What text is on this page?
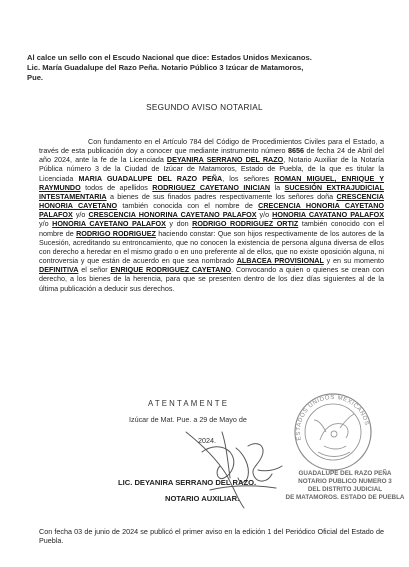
Al calce un sello con el Escudo Nacional que dice: Estados Unidos Mexicanos.
Lic. María Guadalupe del Razo Peña. Notario Público 3 Izúcar de Matamoros,
Pue.
SEGUNDO AVISO NOTARIAL
Con fundamento en el Artículo 784 del Código de Procedimientos Civiles para el Estado, a través de esta publicación doy a conocer que mediante instrumento número 8656 de fecha 24 de Abril del año 2024, ante la fe de la Licenciada DEYANIRA SERRANO DEL RAZO, Notario Auxiliar de la Notaría Pública número 3 de la Ciudad de Izúcar de Matamoros, Estado de Puebla, de la que es titular la Licenciada MARIA GUADALUPE DEL RAZO PEÑA, los señores ROMAN MIGUEL, ENRIQUE Y RAYMUNDO todos de apellidos RODRIGUEZ CAYETANO INICIAN la SUCESIÓN EXTRAJUDICIAL INTESTAMENTARIA a bienes de sus finados padres respectivamente los señores doña CRESCENCIA HONORIA CAYETANO también conocida con el nombre de CRECENCIA HONORIA CAYETANO PALAFOX y/o CRESCENCIA HONORINA CAYETANO PALAFOX y/o HONORIA CAYATANO PALAFOX y/o HONORIA CAYETANO PALAFOX y don RODRIGO RODRIGUEZ ORTIZ también conocido con el nombre de RODRIGO RODRIGUEZ haciendo constar: Que son hijos respectivamente de los autores de la Sucesión, acreditando su entroncamiento, que no conocen la existencia de persona alguna diversa de ellos con derecho a heredar en el mismo grado o en uno preferente al de ellos, que no existe oposición alguna, ni controversia y que están de acuerdo en que sea nombrado ALBACEA PROVISIONAL y en su momento DEFINITIVA el señor ENRIQUE RODRIGUEZ CAYETANO. Convocando a quien o quienes se crean con derecho, a los bienes de la herencia, para que se presenten dentro de los diez días siguientes al de la última publicación a deducir sus derechos.
ATENTAMENTE
Izúcar de Mat. Pue. a 29 de Mayo de
2024.	ESTADOS UNIDOS MEXICANOS
LIC. DEYANIRA SERRANO DEL RAZO.
NOTARIO AUXILIAR.
GUADALUPE DEL RAZO PEÑA
NOTARIO PUBLICO NUMERO 3
DEL DISTRITO JUDICIAL
DE MATAMOROS. ESTADO DE PUEBLA
Con fecha 03 de junio de 2024 se publicó el primer aviso en la edición 1 del Periódico Oficial del Estado de Puebla.
